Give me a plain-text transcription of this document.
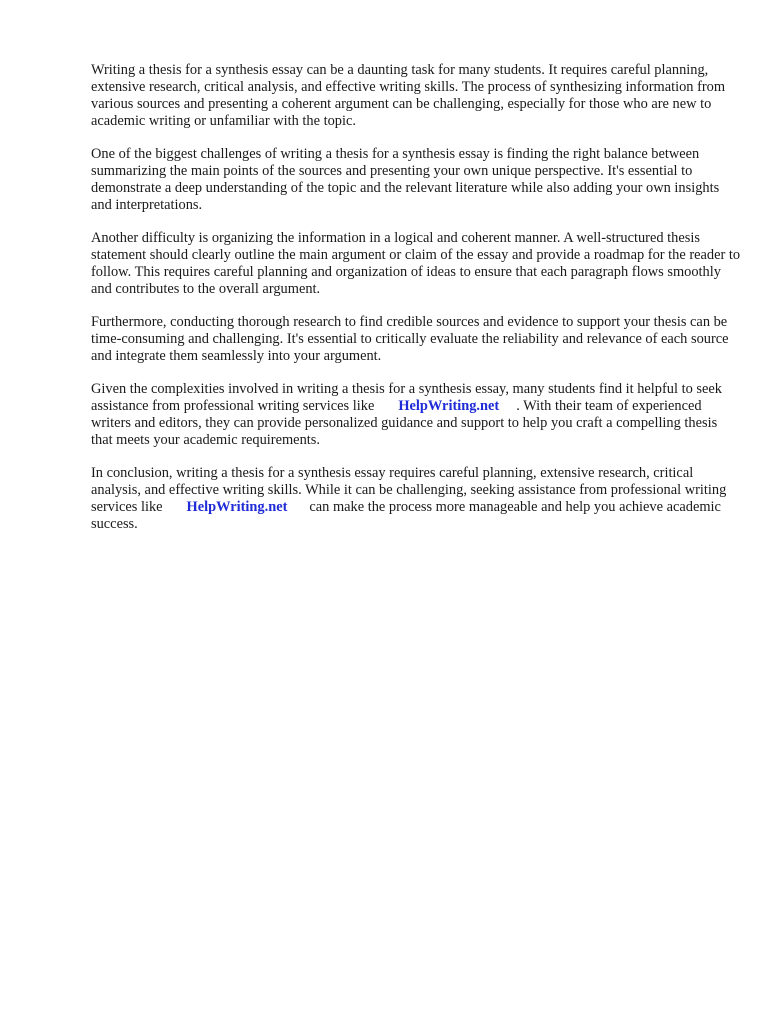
Writing a thesis for a synthesis essay can be a daunting task for many students. It requires careful planning, extensive research, critical analysis, and effective writing skills. The process of synthesizing information from various sources and presenting a coherent argument can be challenging, especially for those who are new to academic writing or unfamiliar with the topic.

One of the biggest challenges of writing a thesis for a synthesis essay is finding the right balance between summarizing the main points of the sources and presenting your own unique perspective. It's essential to demonstrate a deep understanding of the topic and the relevant literature while also adding your own insights and interpretations.

Another difficulty is organizing the information in a logical and coherent manner. A well-structured thesis statement should clearly outline the main argument or claim of the essay and provide a roadmap for the reader to follow. This requires careful planning and organization of ideas to ensure that each paragraph flows smoothly and contributes to the overall argument.

Furthermore, conducting thorough research to find credible sources and evidence to support your thesis can be time-consuming and challenging. It's essential to critically evaluate the reliability and relevance of each source and integrate them seamlessly into your argument.

Given the complexities involved in writing a thesis for a synthesis essay, many students find it helpful to seek assistance from professional writing services like HelpWriting.net . With their team of experienced writers and editors, they can provide personalized guidance and support to help you craft a compelling thesis that meets your academic requirements.

In conclusion, writing a thesis for a synthesis essay requires careful planning, extensive research, critical analysis, and effective writing skills. While it can be challenging, seeking assistance from professional writing services like HelpWriting.net can make the process more manageable and help you achieve academic success.
